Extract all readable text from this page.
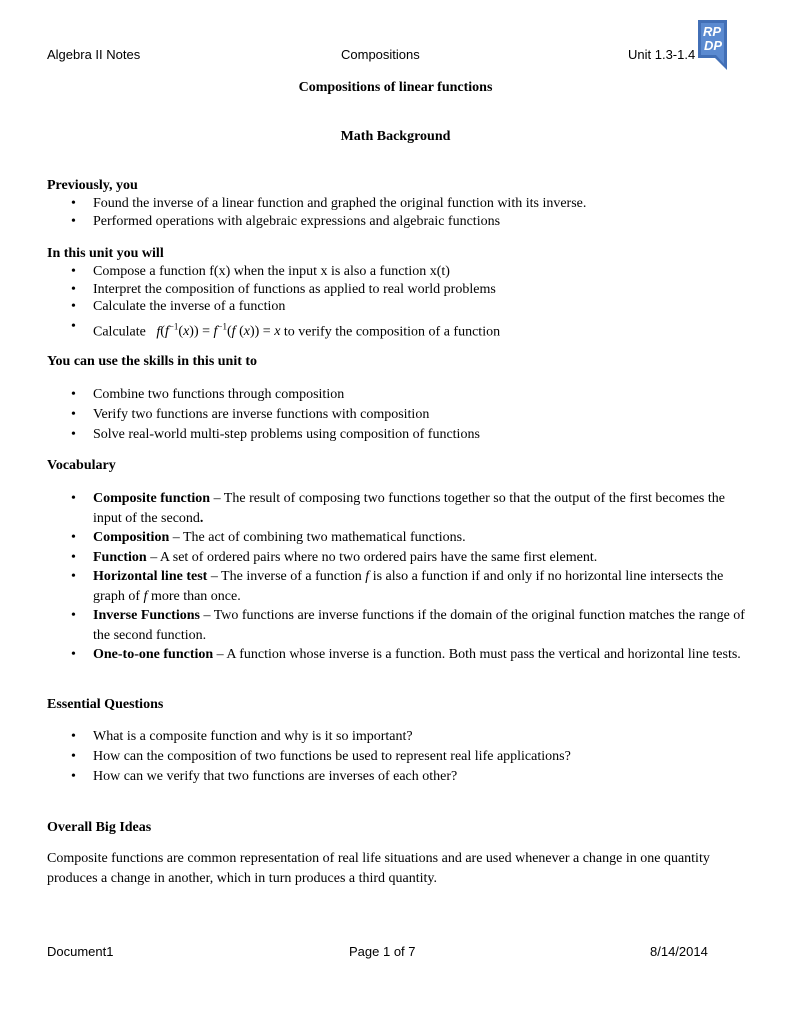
Algebra II Notes	Compositions	Unit 1.3-1.4
RP
DP
Compositions of linear functions
Math Background
Previously, you
• Found the inverse of a linear function and graphed the original function with its inverse.
• Performed operations with algebraic expressions and algebraic functions
In this unit you will
• Compose a function f(x) when the input x is also a function x(t)
• Interpret the composition of functions as applied to real world problems
• Calculate the inverse of a function
• Calculate   $f(f^{-1}(x)) = f^{-1}(f$ (x)) = x to verify the composition of a function
You can use the skills in this unit to
• Combine two functions through composition
• Verify two functions are inverse functions with composition
• Solve real-world multi-step problems using composition of functions
Vocabulary
• Composite function – The result of composing two functions together so that the output of the first becomes the input of the second.
• Composition – The act of combining two mathematical functions.
• Function – A set of ordered pairs where no two ordered pairs have the same first element.
• Horizontal line test – The inverse of a function f is also a function if and only if no horizontal line intersects the graph of f more than once.
• Inverse Functions – Two functions are inverse functions if the domain of the original function matches the range of the second function.
• One-to-one function – A function whose inverse is a function. Both must pass the vertical and horizontal line tests.
Essential Questions
• What is a composite function and why is it so important?
• How can the composition of two functions be used to represent real life applications?
• How can we verify that two functions are inverses of each other?
Overall Big Ideas
Composite functions are common representation of real life situations and are used whenever a change in one quantity produces a change in another, which in turn produces a third quantity.
Document1	Page 1 of 7	8/14/2014
